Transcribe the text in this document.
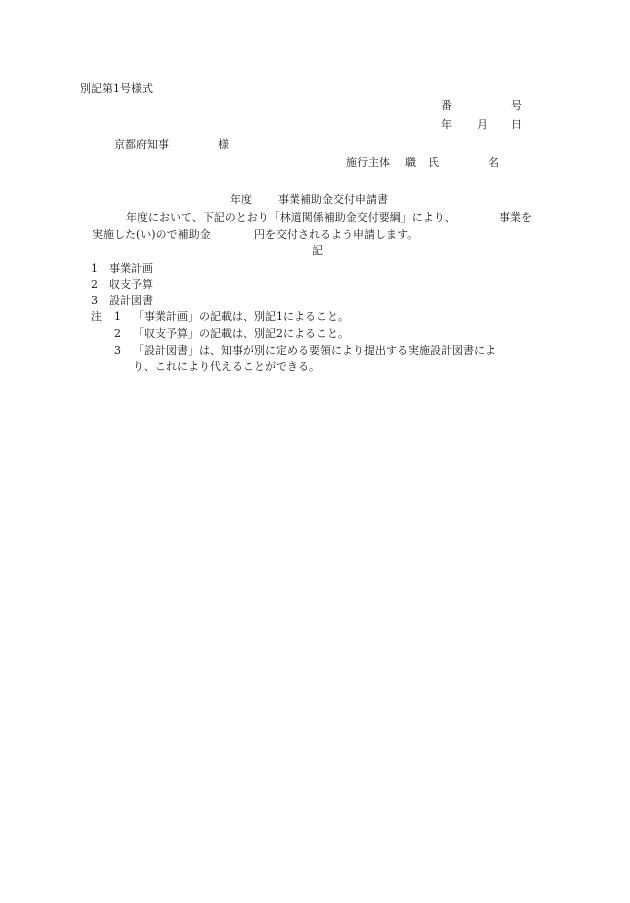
別記第1号様式
番	号
年 月 日
京都府知事	様
施行主体 職 氏	名
年度 事業補助金交付申請書
年度において、下記のとおり「林道関係補助金交付要綱」により、	事業を
実施した(い)ので補助金	円を交付されるよう申請します。
記
1 事業計画
2 収支予算
3 設計図書
注 1 「事業計画」の記載は、別記1によること。
2 「収支予算」の記載は、別記2によること。
3 「設計図書」は、知事が別に定める要領により提出する実施設計図書によ
り、これにより代えることができる。
